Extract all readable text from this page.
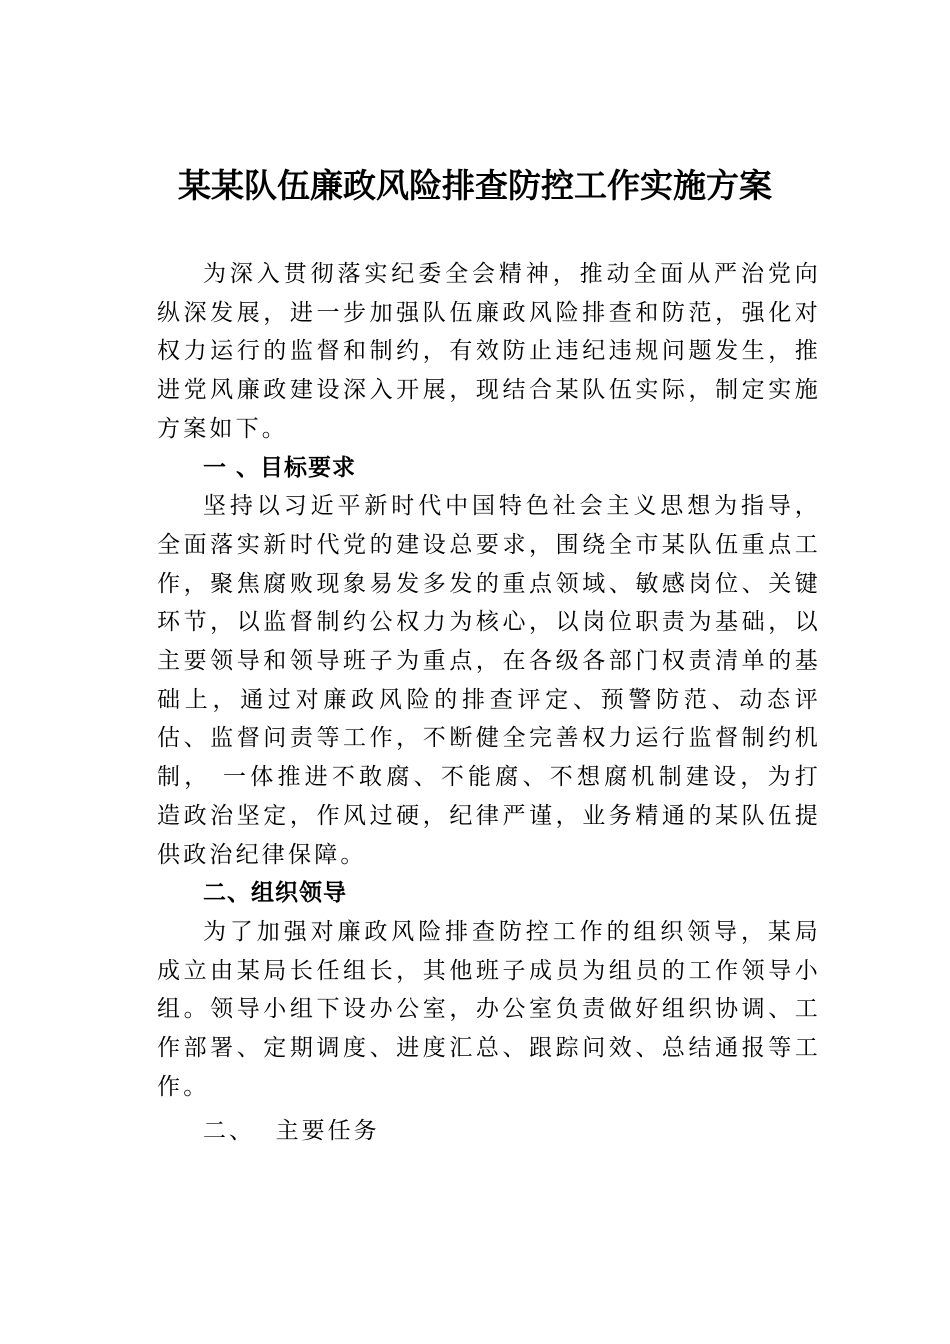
某某队伍廉政风险排查防控工作实施方案

为深入贯彻落实纪委全会精神，推动全面从严治党向纵深发展，进一步加强队伍廉政风险排查和防范，强化对权力运行的监督和制约，有效防止违纪违规问题发生，推进党风廉政建设深入开展，现结合某队伍实际，制定实施方案如下。

一 、目标要求

坚持以习近平新时代中国特色社会主义思想为指导，全面落实新时代党的建设总要求，围绕全市某队伍重点工作，聚焦腐败现象易发多发的重点领域、敏感岗位、关键环节，以监督制约公权力为核心，以岗位职责为基础，以主要领导和领导班子为重点，在各级各部门权责清单的基础上，通过对廉政风险的排查评定、预警防范、动态评估、监督问责等工作，不断健全完善权力运行监督制约机制， 一体推进不敢腐、不能腐、不想腐机制建设，为打造政治坚定，作风过硬，纪律严谨，业务精通的某队伍提供政治纪律保障。

二、组织领导

为了加强对廉政风险排查防控工作的组织领导，某局成立由某局长任组长，其他班子成员为组员的工作领导小组。领导小组下设办公室，办公室负责做好组织协调、工作部署、定期调度、进度汇总、跟踪问效、总结通报等工作。

二、  主要任务
